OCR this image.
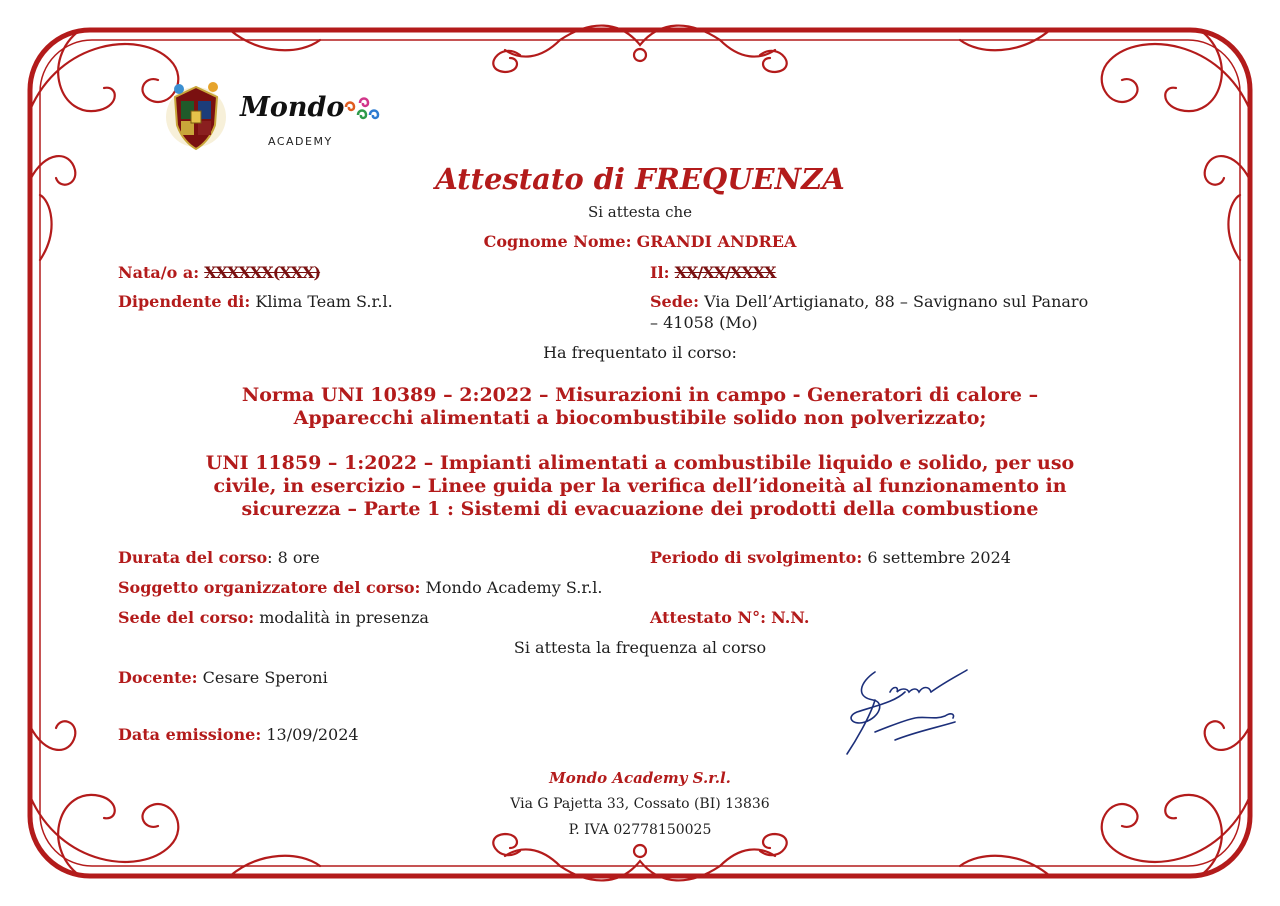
Mondo
ACADEMY
Attestato di FREQUENZA
Si attesta che
Cognome Nome: GRANDI ANDREA
Nata/o a: XXXXXX(XXX)	Il: XX/XX/XXXX
Dipendente di: Klima Team S.r.l.	Sede: Via Dell’Artigianato, 88 – Savignano sul Panaro
– 41058 (Mo)
Ha frequentato il corso:
Norma UNI 10389 – 2:2022 – Misurazioni in campo - Generatori di calore –
Apparecchi alimentati a biocombustibile solido non polverizzato;
UNI 11859 – 1:2022 – Impianti alimentati a combustibile liquido e solido, per uso
civile, in esercizio – Linee guida per la verifica dell’idoneità al funzionamento in
sicurezza – Parte 1 : Sistemi di evacuazione dei prodotti della combustione
Durata del corso: 8 ore	Periodo di svolgimento: 6 settembre 2024
Soggetto organizzatore del corso: Mondo Academy S.r.l.
Sede del corso: modalità in presenza	Attestato N°: N.N.
Si attesta la frequenza al corso
Docente: Cesare Speroni
Data emissione: 13/09/2024
Mondo Academy S.r.l.
Via G Pajetta 33, Cossato (BI) 13836
P. IVA 02778150025
